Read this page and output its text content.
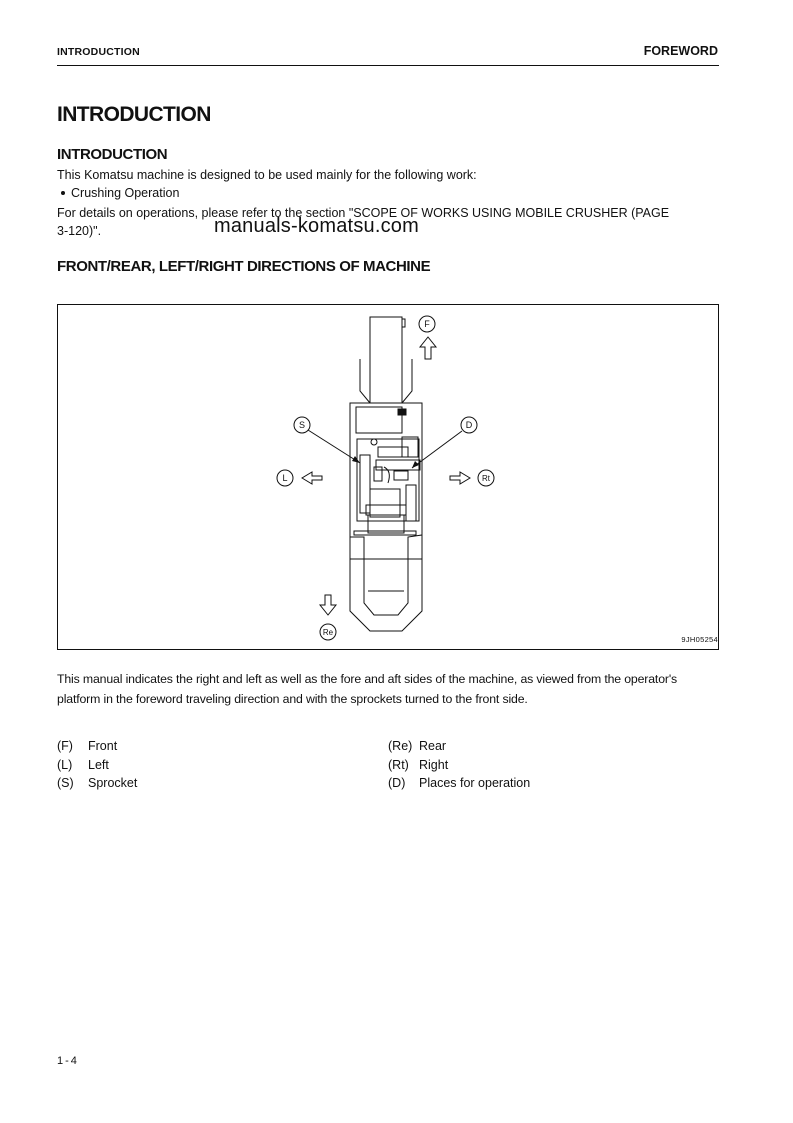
INTRODUCTION	FOREWORD
INTRODUCTION
INTRODUCTION
This Komatsu machine is designed to be used mainly for the following work:
Crushing Operation
For details on operations, please refer to the section "SCOPE OF WORKS USING MOBILE CRUSHER (PAGE
3-120)".	manuals-komatsu.com
FRONT/REAR, LEFT/RIGHT DIRECTIONS OF MACHINE
F
S	D
L	Rt
Re
9JH05254
This manual indicates the right and left as well as the fore and aft sides of the machine, as viewed from the operator's platform in the foreword traveling direction and with the sprockets turned to the front side.
(F) Front	(Re) Rear
(L) Left	(Rt) Right
(S) Sprocket	(D) Places for operation
1-4
